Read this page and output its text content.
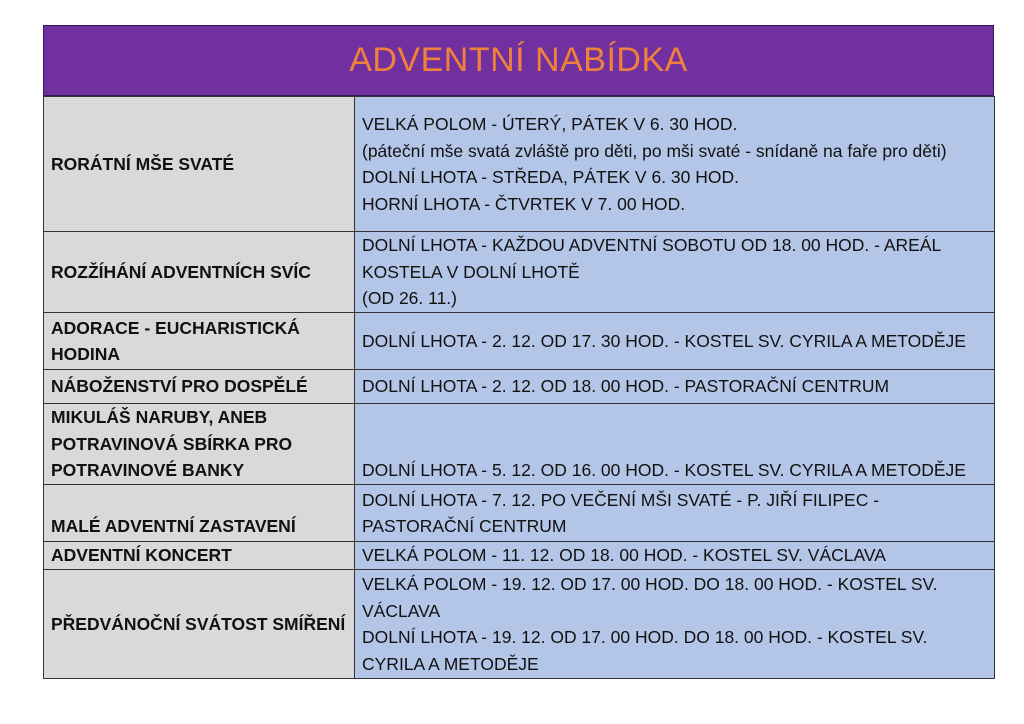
ADVENTNÍ NABÍDKA
RORÁTNÍ MŠE SVATÉ	VELKÁ POLOM - ÚTERÝ, PÁTEK V 6. 30 HOD.
(páteční mše svatá zvláště pro děti, po mši svaté - snídaně na faře pro děti)
DOLNÍ LHOTA - STŘEDA, PÁTEK V 6. 30 HOD.
HORNÍ LHOTA - ČTVRTEK V 7. 00 HOD.

ROZŽÍHÁNÍ ADVENTNÍCH SVÍC	DOLNÍ LHOTA - KAŽDOU ADVENTNÍ SOBOTU OD 18. 00 HOD. - AREÁL KOSTELA V DOLNÍ LHOTĚ
(OD 26. 11.)

ADORACE - EUCHARISTICKÁ HODINA	DOLNÍ LHOTA - 2. 12. OD 17. 30 HOD. - KOSTEL SV. CYRILA A METODĚJE

NÁBOŽENSTVÍ PRO DOSPĚLÉ	DOLNÍ LHOTA - 2. 12. OD 18. 00 HOD. - PASTORAČNÍ CENTRUM

MIKULÁŠ NARUBY, ANEB POTRAVINOVÁ SBÍRKA PRO POTRAVINOVÉ BANKY	DOLNÍ LHOTA - 5. 12. OD 16. 00 HOD. - KOSTEL SV. CYRILA A METODĚJE

MALÉ ADVENTNÍ ZASTAVENÍ	DOLNÍ LHOTA - 7. 12. PO VEČENÍ MŠI SVATÉ - P. JIŘÍ FILIPEC - PASTORAČNÍ CENTRUM

ADVENTNÍ KONCERT	VELKÁ POLOM - 11. 12. OD 18. 00 HOD. - KOSTEL SV. VÁCLAVA

PŘEDVÁNOČNÍ SVÁTOST SMÍŘENÍ	VELKÁ POLOM - 19. 12. OD 17. 00 HOD. DO 18. 00 HOD. - KOSTEL SV. VÁCLAVA
DOLNÍ LHOTA - 19. 12. OD 17. 00 HOD. DO 18. 00 HOD. - KOSTEL SV. CYRILA A METODĚJE
